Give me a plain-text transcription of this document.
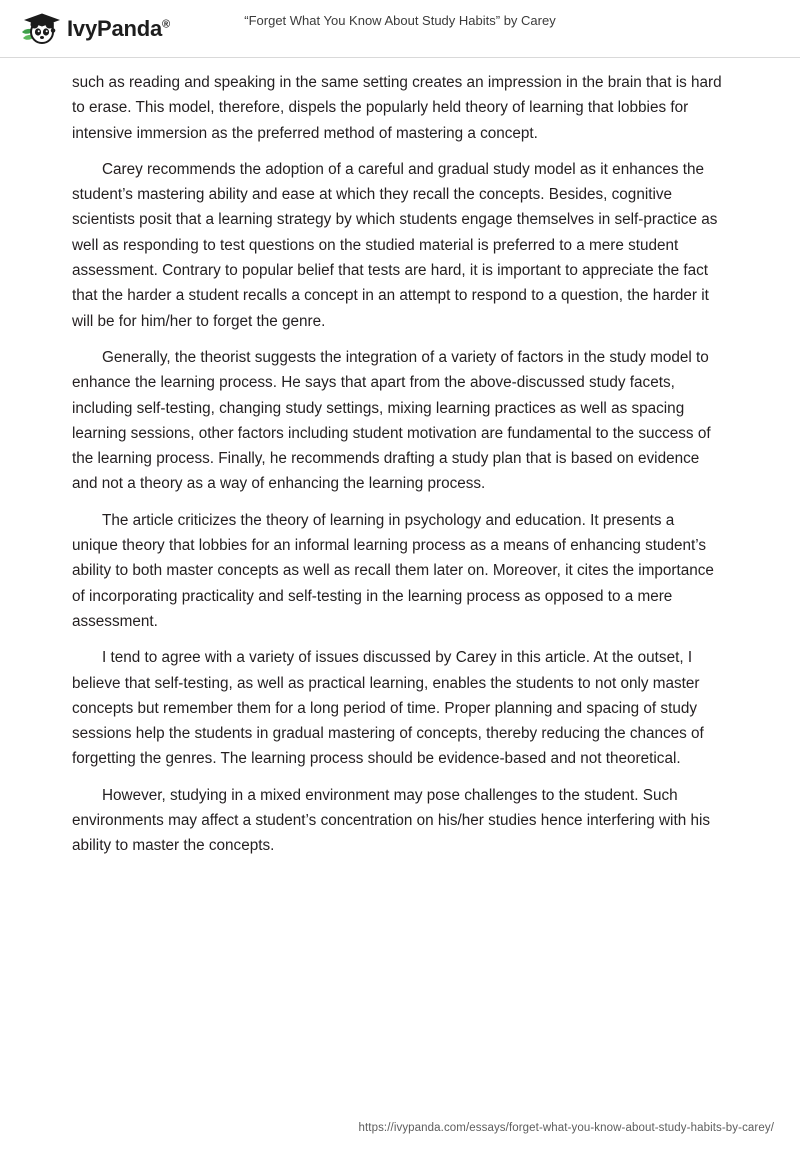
IvyPanda®	“Forget What You Know About Study Habits” by Carey

such as reading and speaking in the same setting creates an impression in the brain that is hard to erase. This model, therefore, dispels the popularly held theory of learning that lobbies for intensive immersion as the preferred method of mastering a concept.

Carey recommends the adoption of a careful and gradual study model as it enhances the student’s mastering ability and ease at which they recall the concepts. Besides, cognitive scientists posit that a learning strategy by which students engage themselves in self-practice as well as responding to test questions on the studied material is preferred to a mere student assessment. Contrary to popular belief that tests are hard, it is important to appreciate the fact that the harder a student recalls a concept in an attempt to respond to a question, the harder it will be for him/her to forget the genre.

Generally, the theorist suggests the integration of a variety of factors in the study model to enhance the learning process. He says that apart from the above-discussed study facets, including self-testing, changing study settings, mixing learning practices as well as spacing learning sessions, other factors including student motivation are fundamental to the success of the learning process. Finally, he recommends drafting a study plan that is based on evidence and not a theory as a way of enhancing the learning process.

The article criticizes the theory of learning in psychology and education. It presents a unique theory that lobbies for an informal learning process as a means of enhancing student’s ability to both master concepts as well as recall them later on. Moreover, it cites the importance of incorporating practicality and self-testing in the learning process as opposed to a mere assessment.

I tend to agree with a variety of issues discussed by Carey in this article. At the outset, I believe that self-testing, as well as practical learning, enables the students to not only master concepts but remember them for a long period of time. Proper planning and spacing of study sessions help the students in gradual mastering of concepts, thereby reducing the chances of forgetting the genres. The learning process should be evidence-based and not theoretical.

However, studying in a mixed environment may pose challenges to the student. Such environments may affect a student’s concentration on his/her studies hence interfering with his ability to master the concepts.

https://ivypanda.com/essays/forget-what-you-know-about-study-habits-by-carey/
